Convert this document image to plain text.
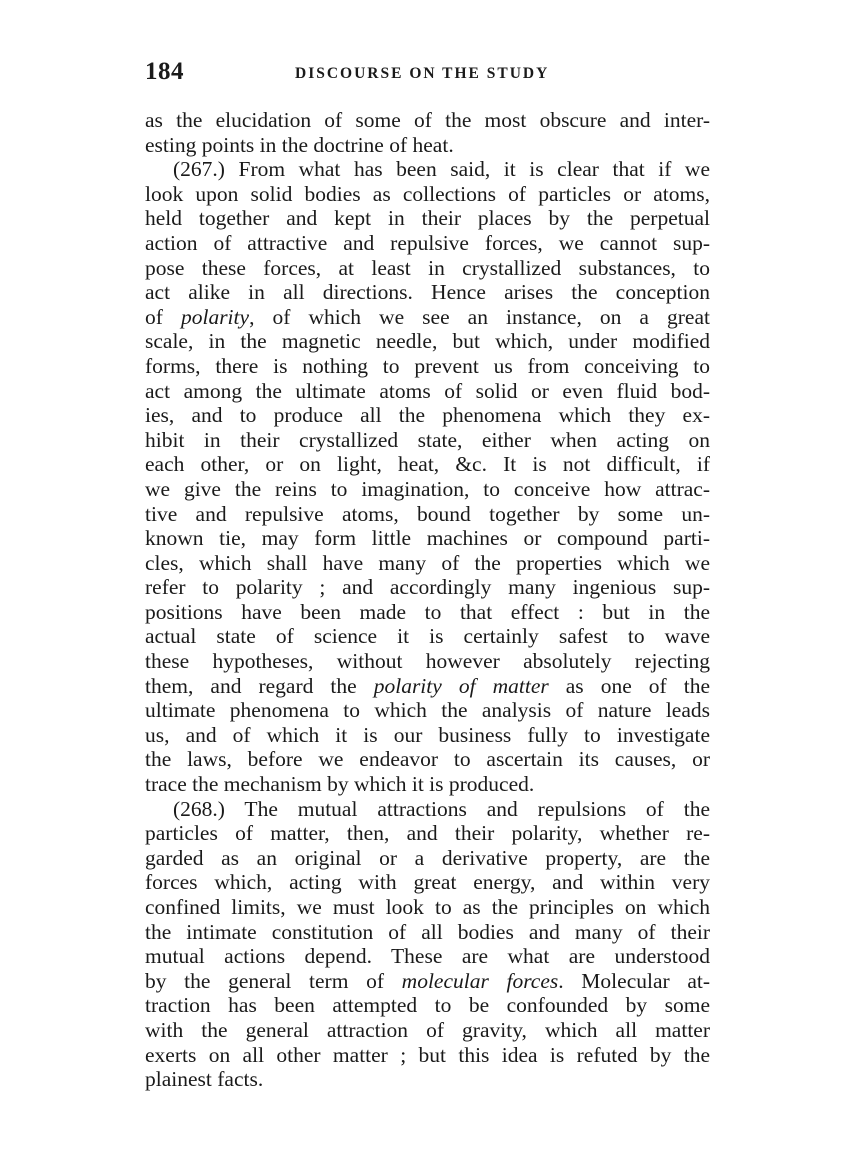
184	DISCOURSE ON THE STUDY
as the elucidation of some of the most obscure and inter-
esting points in the doctrine of heat.
(267.) From what has been said, it is clear that if we
look upon solid bodies as collections of particles or atoms,
held together and kept in their places by the perpetual
action of attractive and repulsive forces, we cannot sup-
pose these forces, at least in crystallized substances, to
act alike in all directions. Hence arises the conception
of polarity, of which we see an instance, on a great
scale, in the magnetic needle, but which, under modified
forms, there is nothing to prevent us from conceiving to
act among the ultimate atoms of solid or even fluid bod-
ies, and to produce all the phenomena which they ex-
hibit in their crystallized state, either when acting on
each other, or on light, heat, &c. It is not difficult, if
we give the reins to imagination, to conceive how attrac-
tive and repulsive atoms, bound together by some un-
known tie, may form little machines or compound parti-
cles, which shall have many of the properties which we
refer to polarity ; and accordingly many ingenious sup-
positions have been made to that effect : but in the
actual state of science it is certainly safest to wave
these hypotheses, without however absolutely rejecting
them, and regard the polarity of matter as one of the
ultimate phenomena to which the analysis of nature leads
us, and of which it is our business fully to investigate
the laws, before we endeavor to ascertain its causes, or
trace the mechanism by which it is produced.
(268.) The mutual attractions and repulsions of the
particles of matter, then, and their polarity, whether re-
garded as an original or a derivative property, are the
forces which, acting with great energy, and within very
confined limits, we must look to as the principles on which
the intimate constitution of all bodies and many of their
mutual actions depend. These are what are understood
by the general term of molecular forces. Molecular at-
traction has been attempted to be confounded by some
with the general attraction of gravity, which all matter
exerts on all other matter ; but this idea is refuted by the
plainest facts.
